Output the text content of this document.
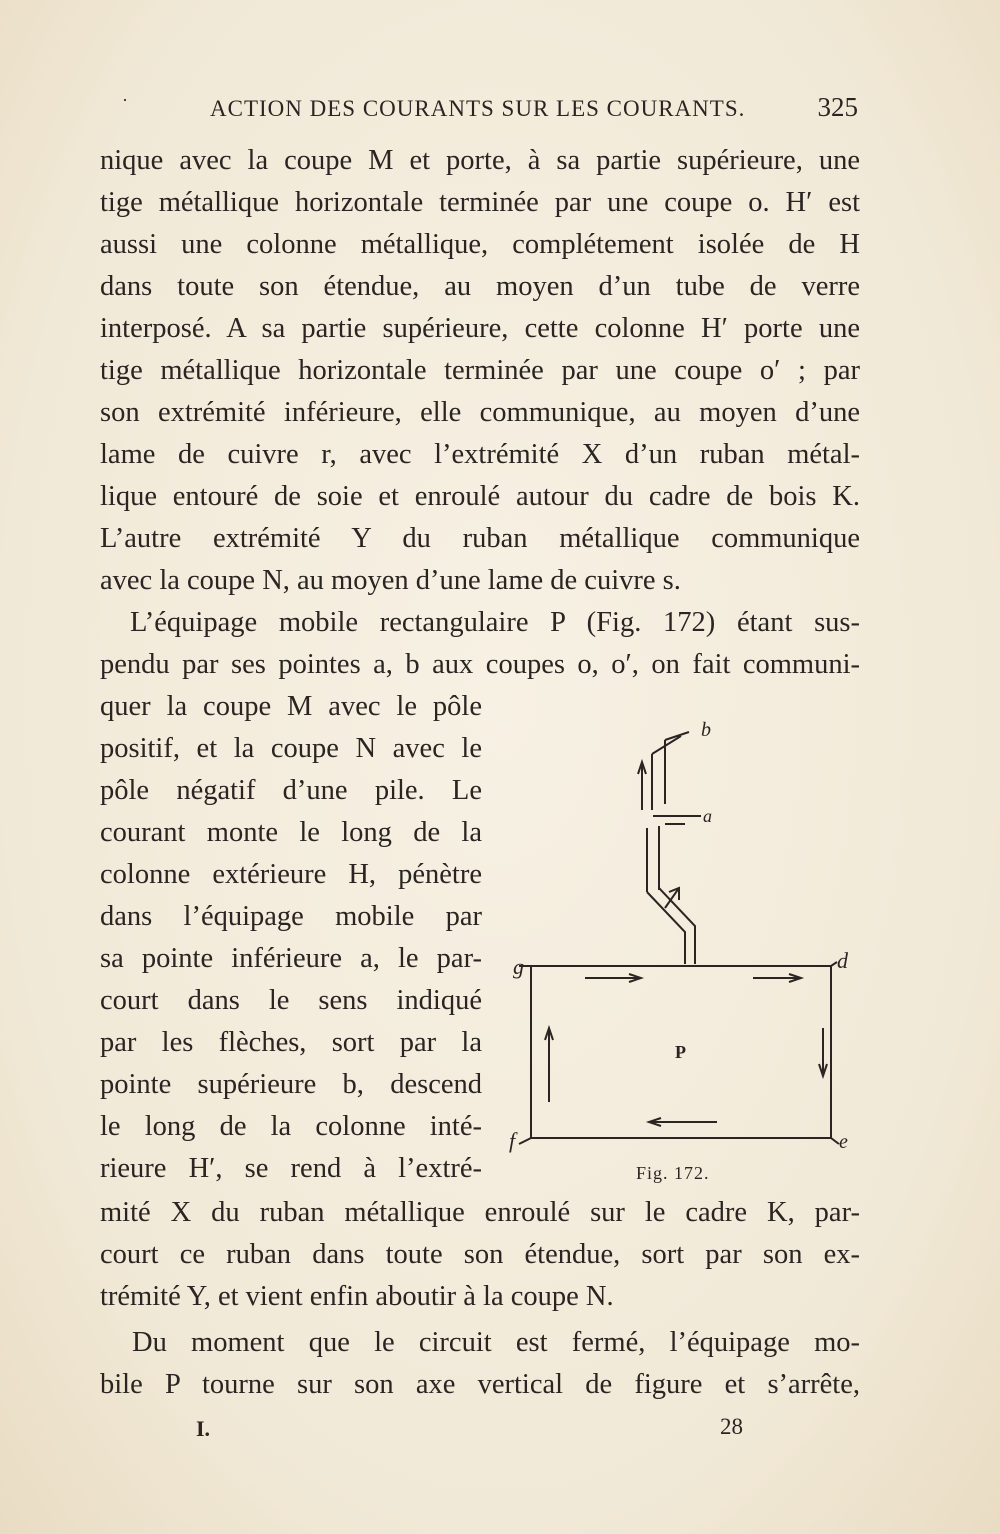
·	ACTION DES COURANTS SUR LES COURANTS.	325
nique avec la coupe M et porte, à sa partie supérieure, une
tige métallique horizontale terminée par une coupe o. H′ est
aussi une colonne métallique, complétement isolée de H
dans toute son étendue, au moyen d’un tube de verre
interposé. A sa partie supérieure, cette colonne H′ porte une
tige métallique horizontale terminée par une coupe o′ ; par
son extrémité inférieure, elle communique, au moyen d’une
lame de cuivre r, avec l’extrémité X d’un ruban métal-
lique entouré de soie et enroulé autour du cadre de bois K.
L’autre extrémité Y du ruban métallique communique
avec la coupe N, au moyen d’une lame de cuivre s.
L’équipage mobile rectangulaire P (Fig. 172) étant sus-
pendu par ses pointes a, b aux coupes o, o′, on fait communi-
quer la coupe M avec le pôle
positif, et la coupe N avec le
pôle négatif d’une pile. Le
courant monte le long de la
colonne extérieure H, pénètre
dans l’équipage mobile par
sa pointe inférieure a, le par-
court dans le sens indiqué
par les flèches, sort par la
pointe supérieure b, descend
le long de la colonne inté-
rieure H′, se rend à l’extré-
mité X du ruban métallique enroulé sur le cadre K, par-
court ce ruban dans toute son étendue, sort par son ex-
trémité Y, et vient enfin aboutir à la coupe N.
Du moment que le circuit est fermé, l’équipage mo-
bile P tourne sur son axe vertical de figure et s’arrête,
b
a
g	d
f	e
P
Fig. 172.
I.	28
